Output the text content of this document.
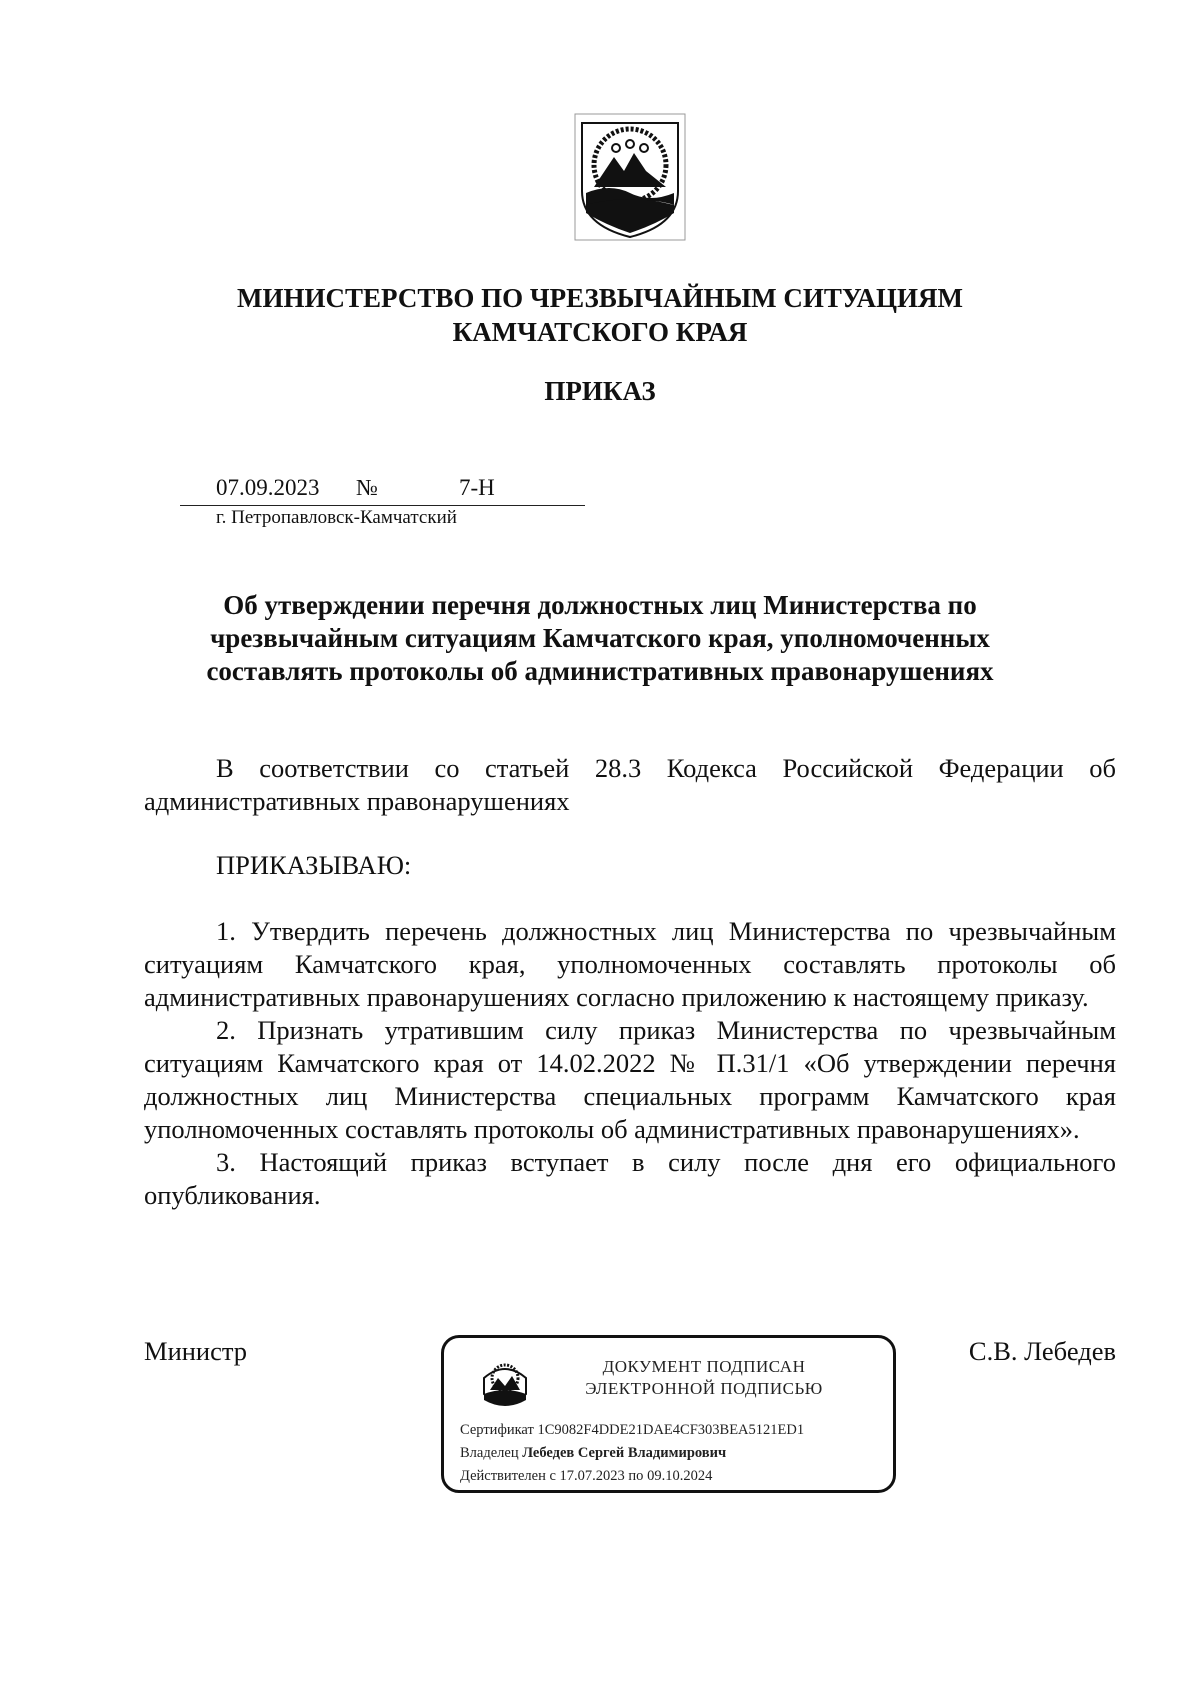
МИНИСТЕРСТВО ПО ЧРЕЗВЫЧАЙНЫМ СИТУАЦИЯМ
КАМЧАТСКОГО КРАЯ
ПРИКАЗ
07.09.2023 №	7-Н
г. Петропавловск-Камчатский
Об утверждении перечня должностных лиц Министерства по
чрезвычайным ситуациям Камчатского края, уполномоченных
составлять протоколы об административных правонарушениях

В соответствии со статьей 28.3 Кодекса Российской Федерации об административных правонарушениях

ПРИКАЗЫВАЮ:

1. Утвердить перечень должностных лиц Министерства по чрезвычайным ситуациям Камчатского края, уполномоченных составлять протоколы об административных правонарушениях согласно приложению к настоящему приказу.

2. Признать утратившим силу приказ Министерства по чрезвычайным ситуациям Камчатского края от 14.02.2022 № П.31/1 «Об утверждении перечня должностных лиц Министерства специальных программ Камчатского края уполномоченных составлять протоколы об административных правонарушениях».

3. Настоящий приказ вступает в силу после дня его официального опубликования.

Министр	С.В. Лебедев
ДОКУМЕНТ ПОДПИСАН
ЭЛЕКТРОННОЙ ПОДПИСЬЮ
Сертификат 1C9082F4DDE21DAE4CF303BEA5121ED1
Владелец Лебедев Сергей Владимирович
Действителен с 17.07.2023 по 09.10.2024
